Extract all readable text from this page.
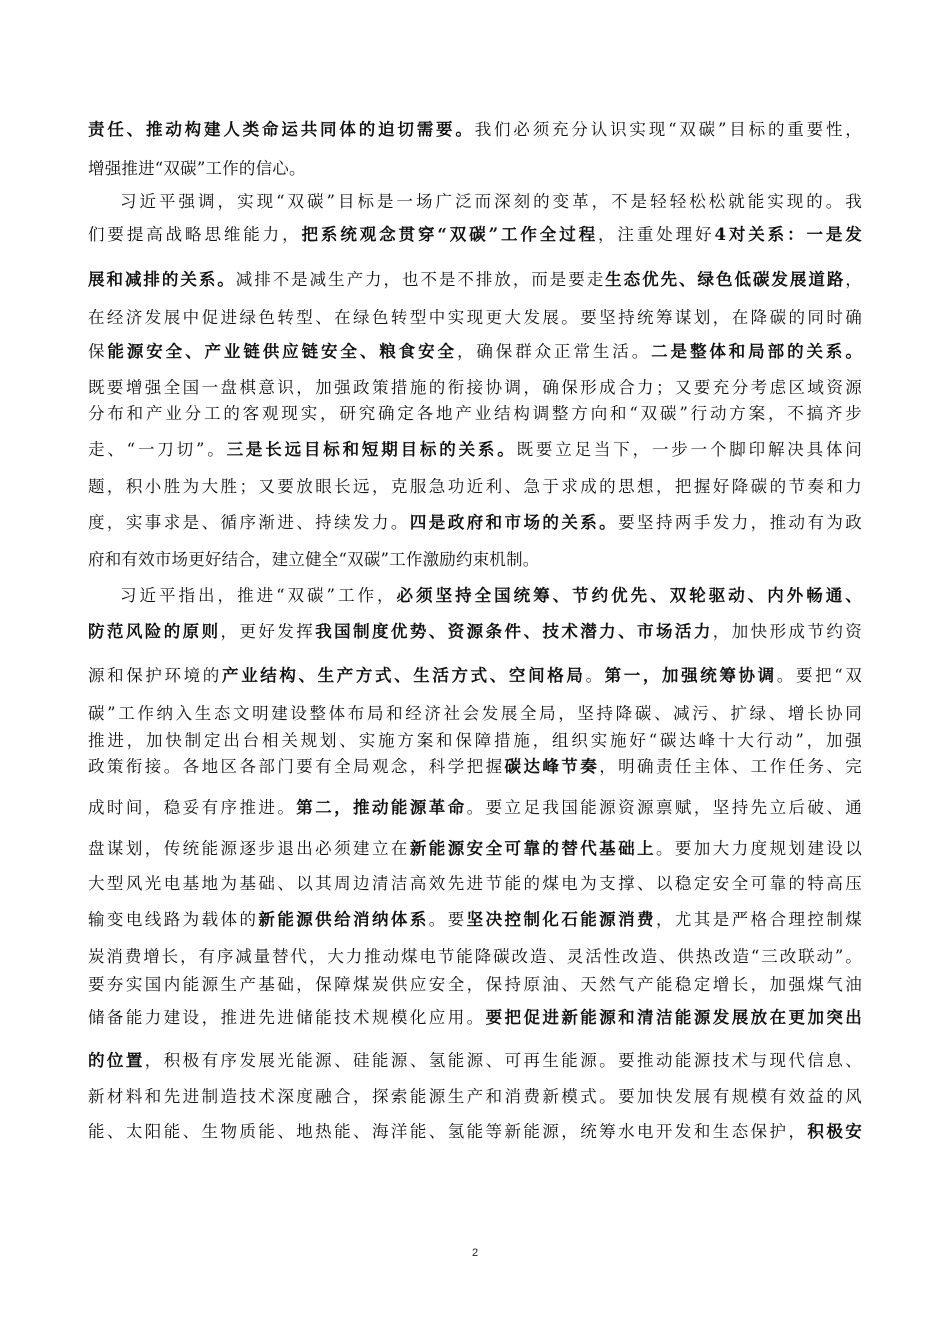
责任、推动构建人类命运共同体的迫切需要。我们必须充分认识实现“双碳”目标的重要性，
增强推进“双碳”工作的信心。
习近平强调，实现“双碳”目标是一场广泛而深刻的变革，不是轻轻松松就能实现的。我
们要提高战略思维能力，把系统观念贯穿“双碳”工作全过程，注重处理好4对关系：一是发
展和减排的关系。减排不是减生产力，也不是不排放，而是要走生态优先、绿色低碳发展道路，
在经济发展中促进绿色转型、在绿色转型中实现更大发展。要坚持统筹谋划，在降碳的同时确
保能源安全、产业链供应链安全、粮食安全，确保群众正常生活。二是整体和局部的关系。
既要增强全国一盘棋意识，加强政策措施的衔接协调，确保形成合力；又要充分考虑区域资源
分布和产业分工的客观现实，研究确定各地产业结构调整方向和“双碳”行动方案，不搞齐步
走、“一刀切”。三是长远目标和短期目标的关系。既要立足当下，一步一个脚印解决具体问
题，积小胜为大胜；又要放眼长远，克服急功近利、急于求成的思想，把握好降碳的节奏和力
度，实事求是、循序渐进、持续发力。四是政府和市场的关系。要坚持两手发力，推动有为政
府和有效市场更好结合，建立健全“双碳”工作激励约束机制。
习近平指出，推进“双碳”工作，必须坚持全国统筹、节约优先、双轮驱动、内外畅通、
防范风险的原则，更好发挥我国制度优势、资源条件、技术潜力、市场活力，加快形成节约资
源和保护环境的产业结构、生产方式、生活方式、空间格局。第一，加强统筹协调。要把“双
碳”工作纳入生态文明建设整体布局和经济社会发展全局，坚持降碳、减污、扩绿、增长协同
推进，加快制定出台相关规划、实施方案和保障措施，组织实施好“碳达峰十大行动”，加强
政策衔接。各地区各部门要有全局观念，科学把握碳达峰节奏，明确责任主体、工作任务、完
成时间，稳妥有序推进。第二，推动能源革命。要立足我国能源资源禀赋，坚持先立后破、通
盘谋划，传统能源逐步退出必须建立在新能源安全可靠的替代基础上。要加大力度规划建设以
大型风光电基地为基础、以其周边清洁高效先进节能的煤电为支撑、以稳定安全可靠的特高压
输变电线路为载体的新能源供给消纳体系。要坚决控制化石能源消费，尤其是严格合理控制煤
炭消费增长，有序减量替代，大力推动煤电节能降碳改造、灵活性改造、供热改造“三改联动”。
要夯实国内能源生产基础，保障煤炭供应安全，保持原油、天然气产能稳定增长，加强煤气油
储备能力建设，推进先进储能技术规模化应用。要把促进新能源和清洁能源发展放在更加突出
的位置，积极有序发展光能源、硅能源、氢能源、可再生能源。要推动能源技术与现代信息、
新材料和先进制造技术深度融合，探索能源生产和消费新模式。要加快发展有规模有效益的风
能、太阳能、生物质能、地热能、海洋能、氢能等新能源，统筹水电开发和生态保护，积极安
2
